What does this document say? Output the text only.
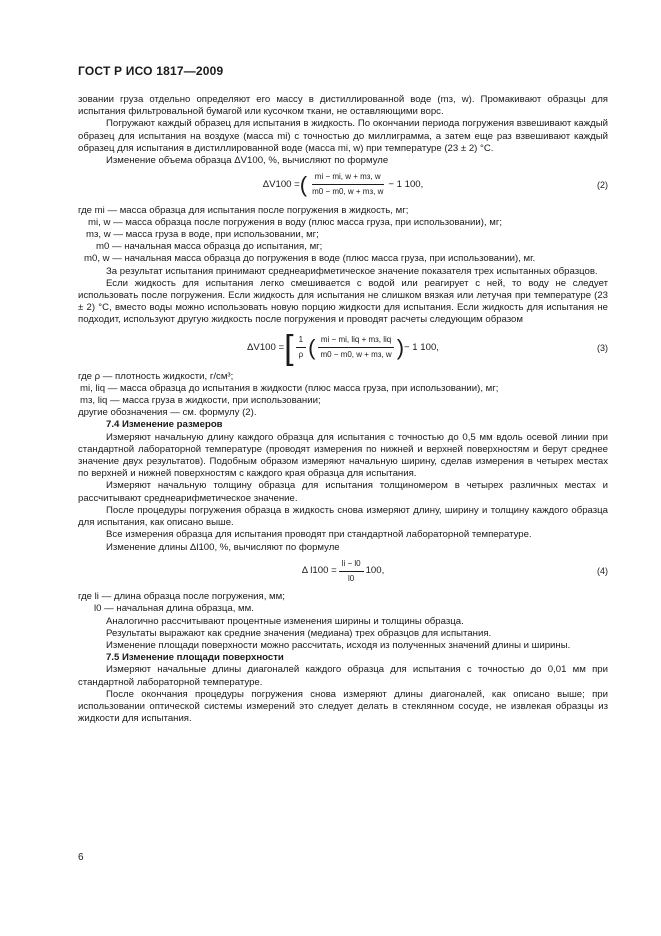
ГОСТ Р ИСО 1817—2009

зовании груза отдельно определяют его массу в дистиллированной воде (mз, w). Промакивают образцы для испытания фильтровальной бумагой или кусочком ткани, не оставляющими ворс.

Погружают каждый образец для испытания в жидкость. По окончании периода погружения взвешивают каждый образец для испытания на воздухе (масса mi) с точностью до миллиграмма, а затем еще раз взвешивают каждый образец для испытания в дистиллированной воде (масса mi, w) при температуре (23 ± 2) °С.

Изменение объема образца ΔV100, %, вычисляют по формуле

ΔV100 = ( $\frac{mi - mi, w + mз, w}{m0 - m0, w + mз, w} - 1$ 100,	(2)

где mi — масса образца для испытания после погружения в жидкость, мг;

mi, w — масса образца после погружения в воду (плюс масса груза, при использовании), мг;

mз, w — масса груза в воде, при использовании, мг;

m0 — начальная масса образца до испытания, мг;

m0, w — начальная масса образца до погружения в воде (плюс масса груза, при использовании), мг.

За результат испытания принимают среднеарифметическое значение показателя трех испытанных образцов.

Если жидкость для испытания легко смешивается с водой или реагирует с ней, то воду не следует использовать после погружения. Если жидкость для испытания не слишком вязкая или летучая при температуре (23 ± 2) °С, вместо воды можно использовать новую порцию жидкости для испытания. Если жидкость для испытания не подходит, используют другую жидкость после погружения и проводят расчеты следующим образом

ΔV100 = [ $\frac{1}{\rho}$ ( $\frac{\text{mi − mi, liq + mз, liq}}{m0 - m0, w + mз, w}$ ) − 1 100,	(3)

где ρ — плотность жидкости, г/см³;

mi, liq — масса образца до испытания в жидкости (плюс масса груза, при использовании), мг;

mз, liq — масса груза в жидкости, при использовании;

другие обозначения — см. формулу (2).

7.4 Изменение размеров

Измеряют начальную длину каждого образца для испытания с точностью до 0,5 мм вдоль осевой линии при стандартной лабораторной температуре (проводят измерения по нижней и верхней поверхностям и берут среднее значение двух результатов). Подобным образом измеряют начальную ширину, сделав измерения в четырех местах по верхней и нижней поверхностям с каждого края образца для испытания.

Измеряют начальную толщину образца для испытания толщиномером в четырех различных местах и рассчитывают среднеарифметическое значение.

После процедуры погружения образца в жидкость снова измеряют длину, ширину и толщину каждого образца для испытания, как описано выше.

Все измерения образца для испытания проводят при стандартной лабораторной температуре.

Изменение длины Δl100, %, вычисляют по формуле

Δ $l100 = \frac{li - l0}{l0} 100$,	(4)

где li — длина образца после погружения, мм;

l0 — начальная длина образца, мм.

Аналогично рассчитывают процентные изменения ширины и толщины образца.

Результаты выражают как средние значения (медиана) трех образцов для испытания.

Изменение площади поверхности можно рассчитать, исходя из полученных значений длины и ширины.

7.5 Изменение площади поверхности

Измеряют начальные длины диагоналей каждого образца для испытания с точностью до 0,01 мм при стандартной лабораторной температуре.

После окончания процедуры погружения снова измеряют длины диагоналей, как описано выше; при использовании оптической системы измерений это следует делать в стеклянном сосуде, не извлекая образцы из жидкости для испытания.

6
